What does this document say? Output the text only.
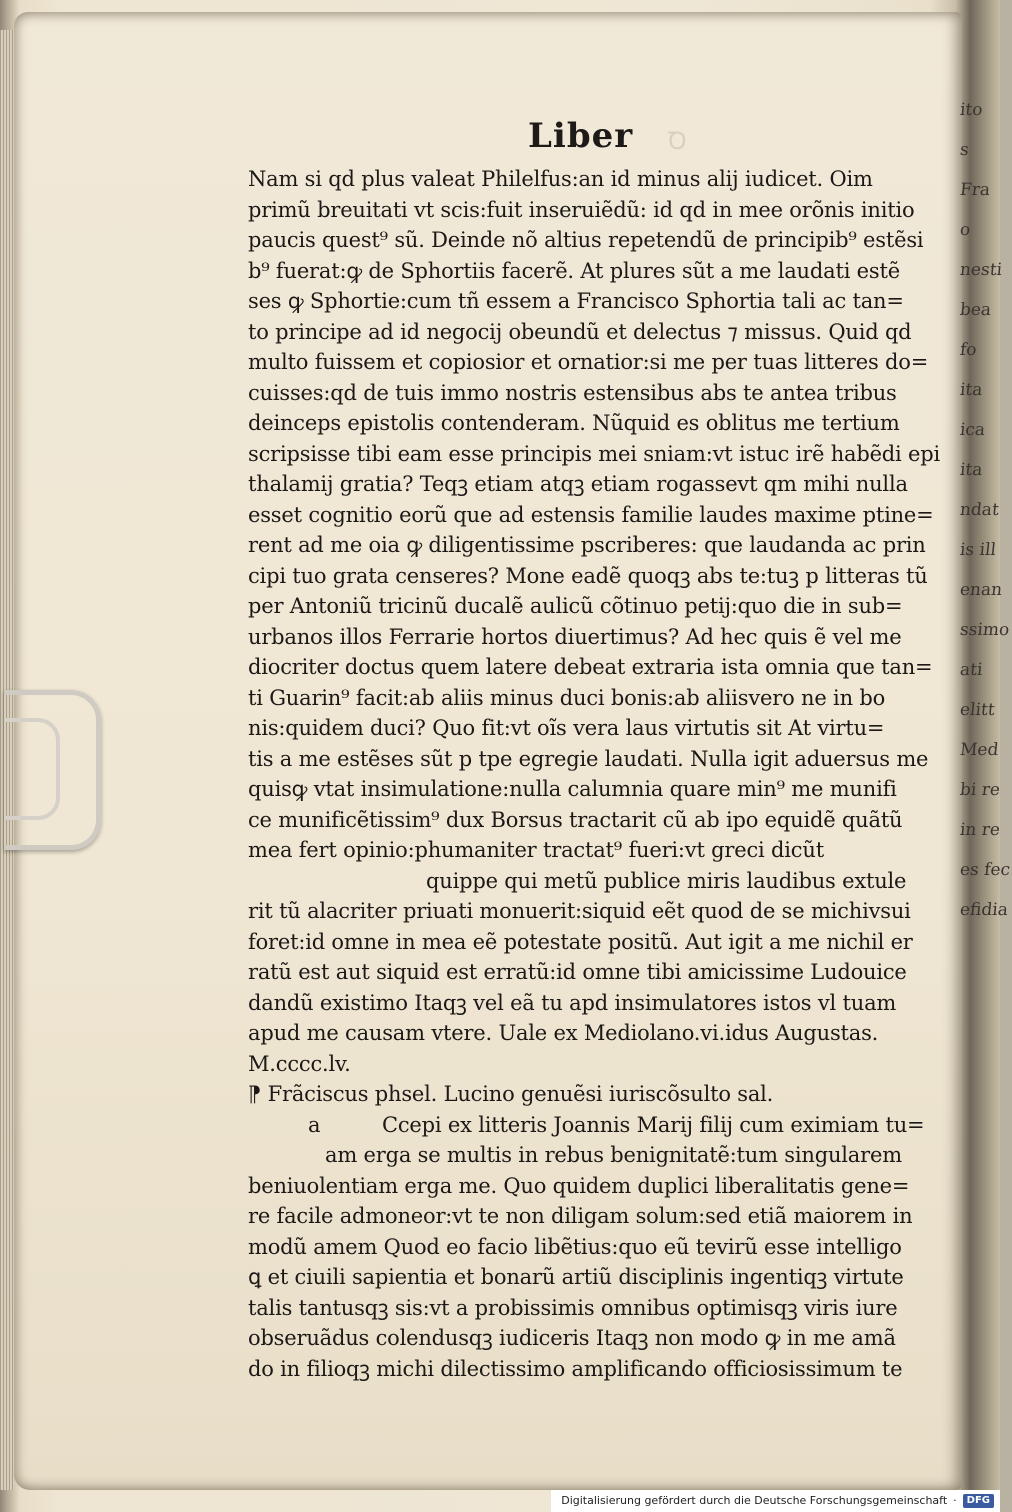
Ꝺ
Liber
Nam si qd plus valeat Philelfus:an id minus alij iudicet. Oim
primũ breuitati vt scis:fuit inseruiẽdũ: id qd in mee orõnis initio
paucis quest⁹ sũ. Deinde nõ altius repetendũ de principib⁹ estẽsi
b⁹ fuerat:ꝙ de Sphortiis facerẽ. At plures sũt a me laudati estẽ
ses ꝙ Sphortie:cum tñ essem a Francisco Sphortia tali ac tan=
to principe ad id negocij obeundũ et delectus ⁊ missus. Quid qd
multo fuissem et copiosior et ornatior:si me per tuas litteres do=
cuisses:qd de tuis immo nostris estensibus abs te antea tribus
deinceps epistolis contenderam. Nũquid es oblitus me tertium
scripsisse tibi eam esse principis mei sniam:vt istuc irẽ habẽdi epi
thalamij gratia? Teqꝫ etiam atqꝫ etiam rogassevt qm mihi nulla
esset cognitio eorũ que ad estensis familie laudes maxime ptine=
rent ad me oia ꝙ diligentissime pscriberes: que laudanda ac prin
cipi tuo grata censeres? Mone eadẽ quoqꝫ abs te:tuꝫ p litteras tũ
per Antoniũ tricinũ ducalẽ aulicũ cõtinuo petij:quo die in sub=
urbanos illos Ferrarie hortos diuertimus? Ad hec quis ẽ vel me
diocriter doctus quem latere debeat extraria ista omnia que tan=
ti Guarin⁹ facit:ab aliis minus duci bonis:ab aliisvero ne in bo
nis:quidem duci? Quo fit:vt oĩs vera laus virtutis sit At virtu=
tis a me estẽses sũt p tpe egregie laudati. Nulla igit aduersus me
quisꝙ vtat insimulatione:nulla calumnia quare min⁹ me munifi
ce munificẽtissim⁹ dux Borsus tractarit cũ ab ipo equidẽ quãtũ
mea fert opinio:phumaniter tractat⁹ fueri:vt greci dicũt
quippe qui metũ publice miris laudibus extule
rit tũ alacriter priuati monuerit:siquid eẽt quod de se michivsui
foret:id omne in mea eẽ potestate positũ. Aut igit a me nichil er
ratũ est aut siquid est erratũ:id omne tibi amicissime Ludouice
dandũ existimo Itaqꝫ vel eã tu apd insimulatores istos vl tuam
apud me causam vtere. Uale ex Mediolano.vi.idus Augustas.
M.cccc.lv.
⁋ Frãciscus phsel. Lucino genuẽsi iuriscõsulto sal.
a	Ccepi ex litteris Joannis Marij filij cum eximiam tu=
am erga se multis in rebus benignitatẽ:tum singularem
beniuolentiam erga me. Quo quidem duplici liberalitatis gene=
re facile admoneor:vt te non diligam solum:sed etiã maiorem in
modũ amem Quod eo facio libẽtius:quo eũ tevirũ esse intelligo
ꝗ et ciuili sapientia et bonarũ artiũ disciplinis ingentiqꝫ virtute
talis tantusqꝫ sis:vt a probissimis omnibus optimisqꝫ viris iure
obseruãdus colendusqꝫ iudiceris Itaqꝫ non modo ꝙ in me amã
do in filioqꝫ michi dilectissimo amplificando officiosissimum te
ito
s
Fra
o
nesti
bea
fo
ita
ica
ita
ndat
is ill
enan
ssimo
ati
elitt
Med
bi re
in re
es fec
efidia
Digitalisierung gefördert durch die Deutsche Forschungsgemeinschaft ·	DFG
